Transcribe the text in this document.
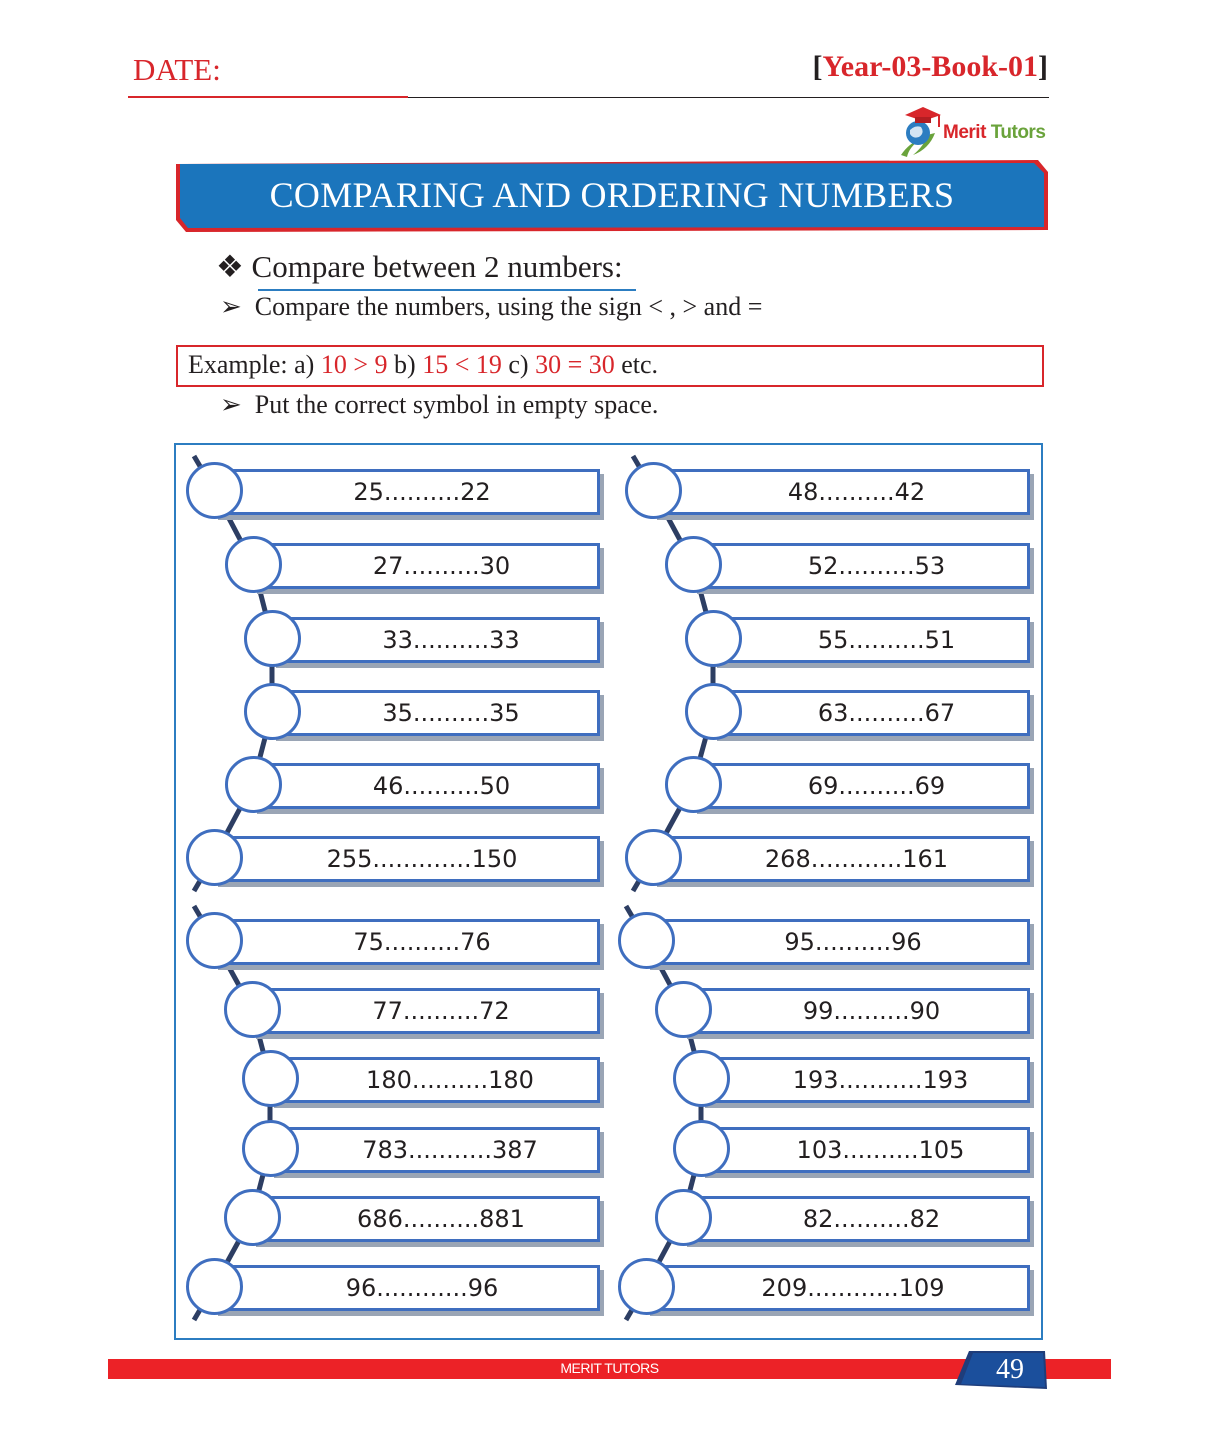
DATE:	[Year-03-Book-01]
Merit Tutors
COMPARING AND ORDERING NUMBERS
❖ Compare between 2 numbers:
➢ Compare the numbers, using the sign < , > and =
Example: a) 10 > 9 b) 15 < 19 c) 30 = 30 etc.
➢ Put the correct symbol in empty space.
25..........22
27..........30
33..........33
35..........35
46..........50
255.............150
48..........42
52..........53
55..........51
63..........67
69..........69
268............161
75..........76
77..........72
180..........180
783...........387
686..........881
96............96
95..........96
99..........90
193...........193
103..........105
82..........82
209............109
MERIT TUTORS	49
